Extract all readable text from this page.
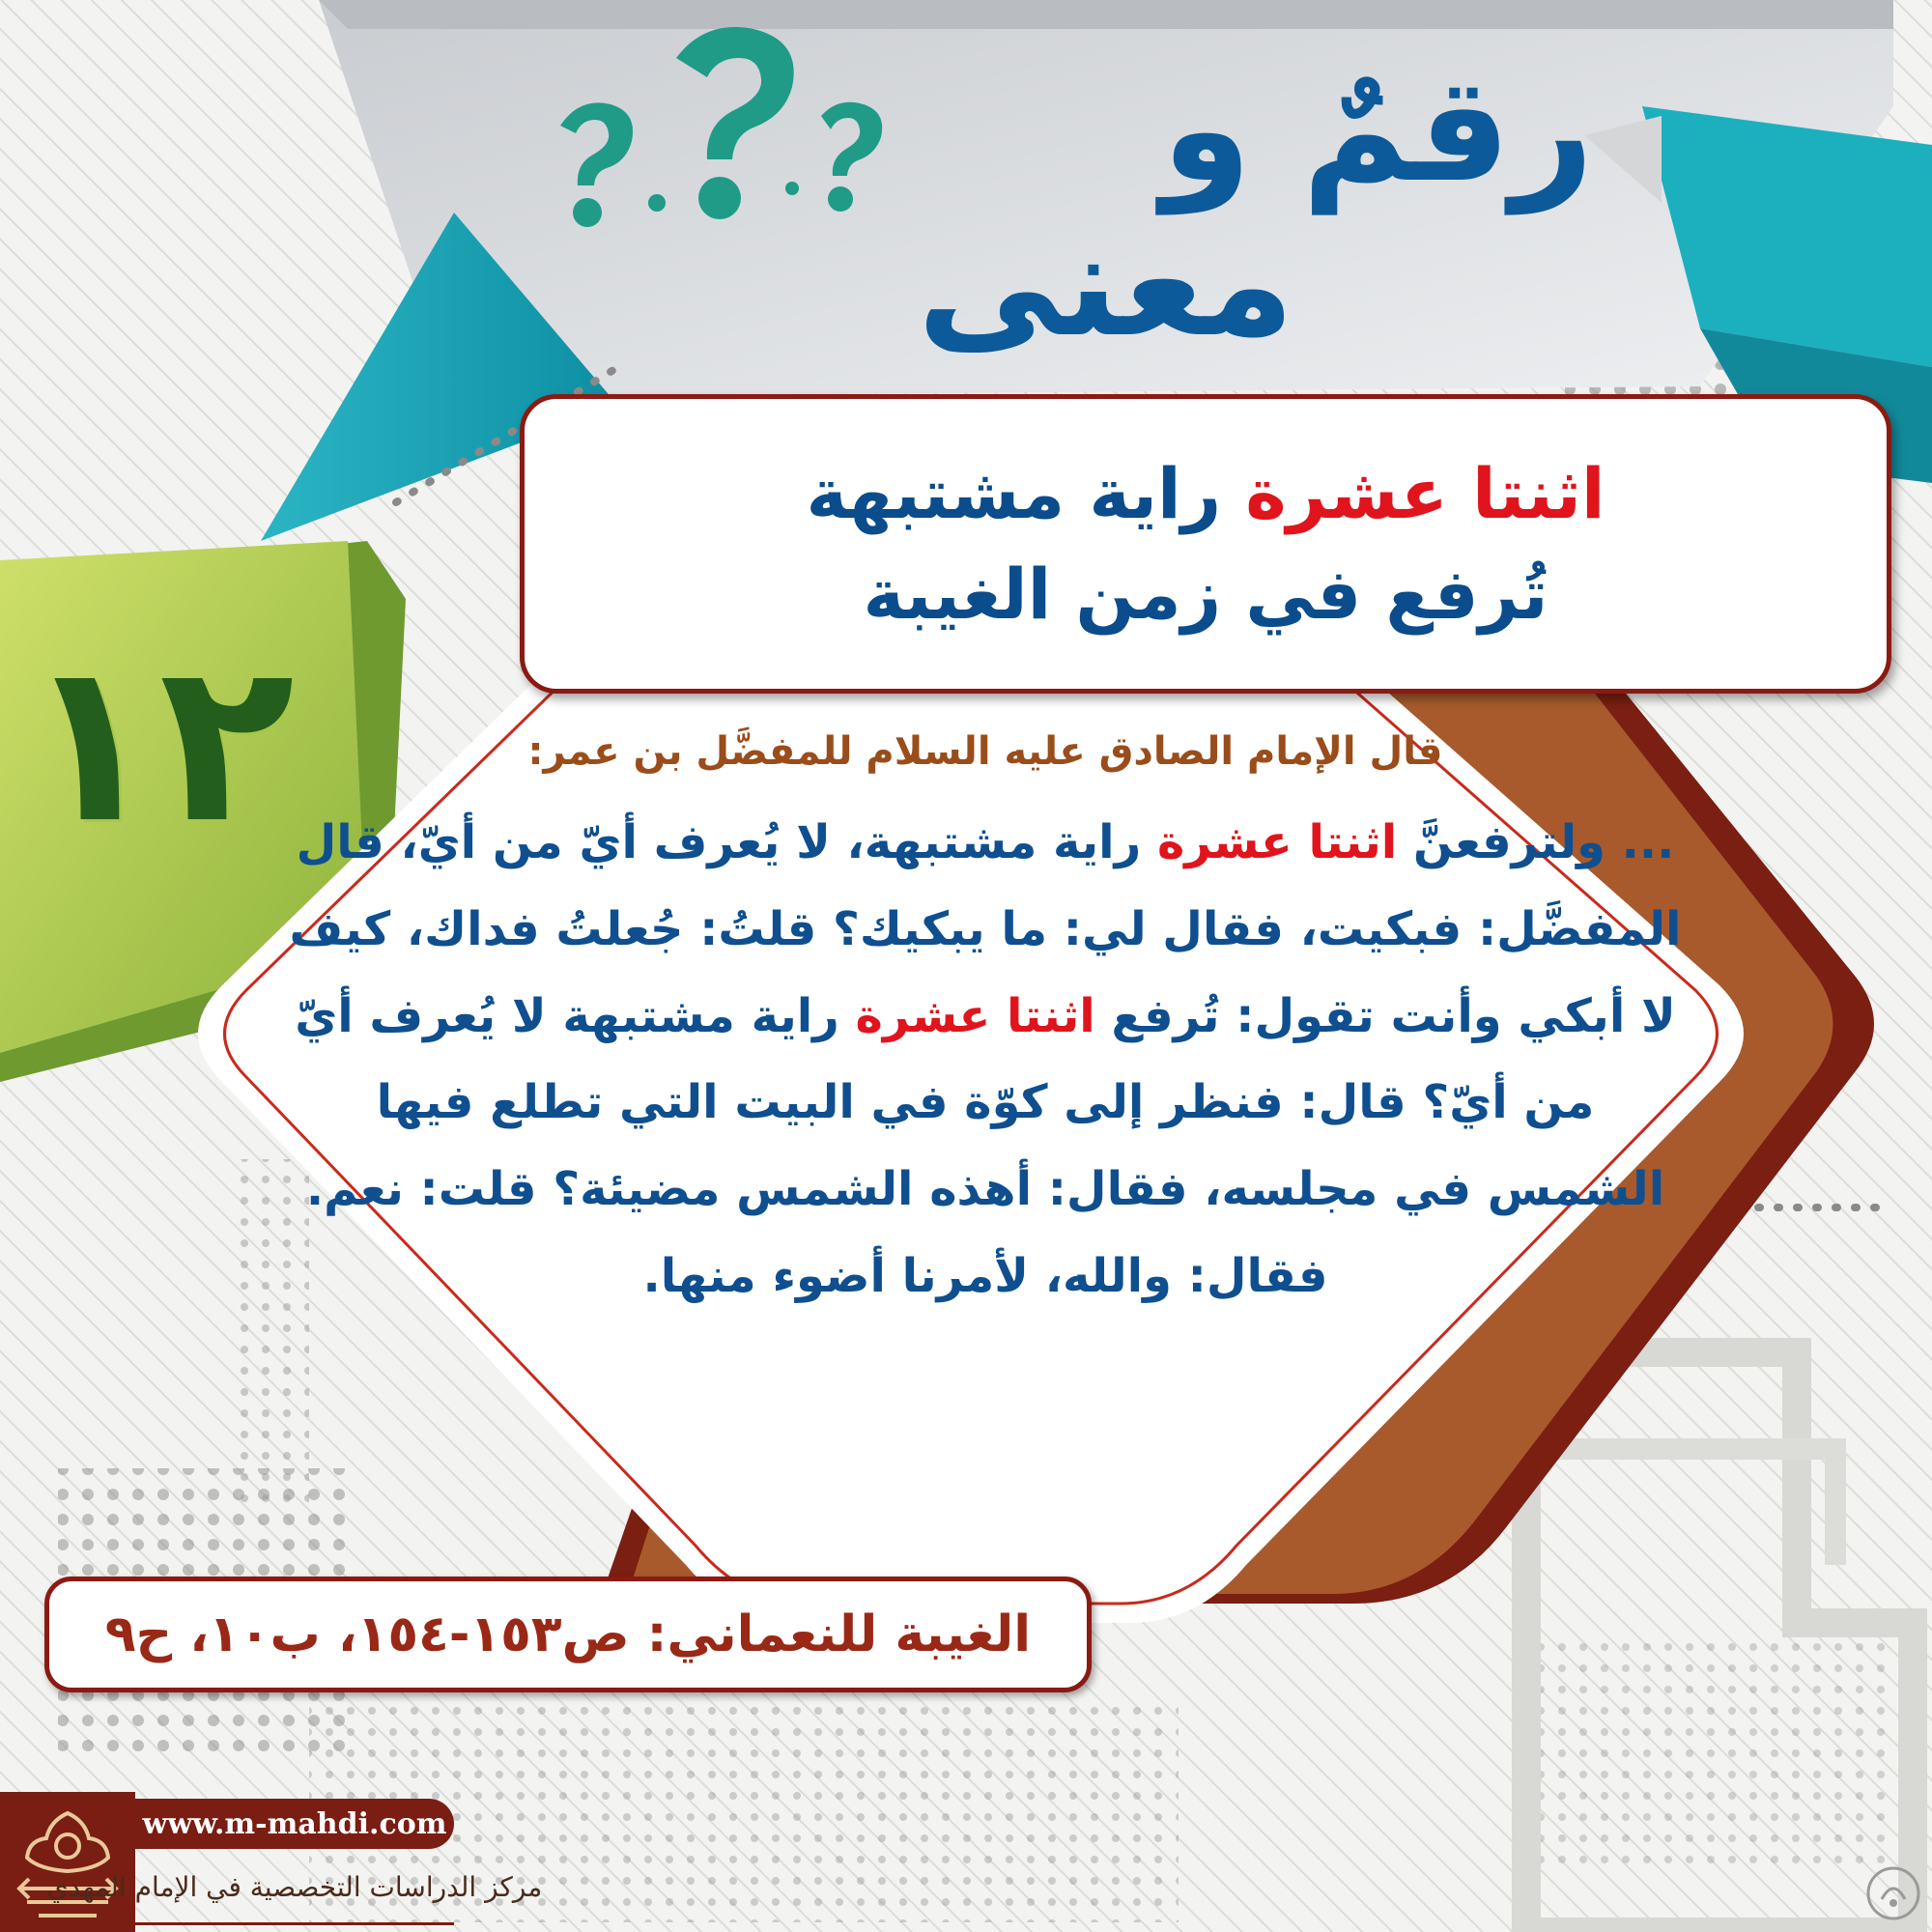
رقمٌ و
معنى
١٢
اثنتا عشرة راية مشتبهة
تُرفع في زمن الغيبة

قال الإمام الصادق عليه السلام للمفضَّل بن عمر:

... ولترفعنَّ اثنتا عشرة راية مشتبهة، لا يُعرف أيّ من أيّ، قال المفضَّل: فبكيت، فقال لي: ما يبكيك؟ قلتُ: جُعلتُ فداك، كيف لا أبكي وأنت تقول: تُرفع اثنتا عشرة راية مشتبهة لا يُعرف أيّ من أيّ؟ قال: فنظر إلى كوّة في البيت التي تطلع فيها الشمس في مجلسه، فقال: أهذه الشمس مضيئة؟ قلت: نعم. فقال: والله، لأمرنا أضوء منها.

الغيبة للنعماني: ص١٥٣-١٥٤، ب١٠، ح٩
www.m-mahdi.com
مركز الدراسات التخصصية في الإمام المهدي
